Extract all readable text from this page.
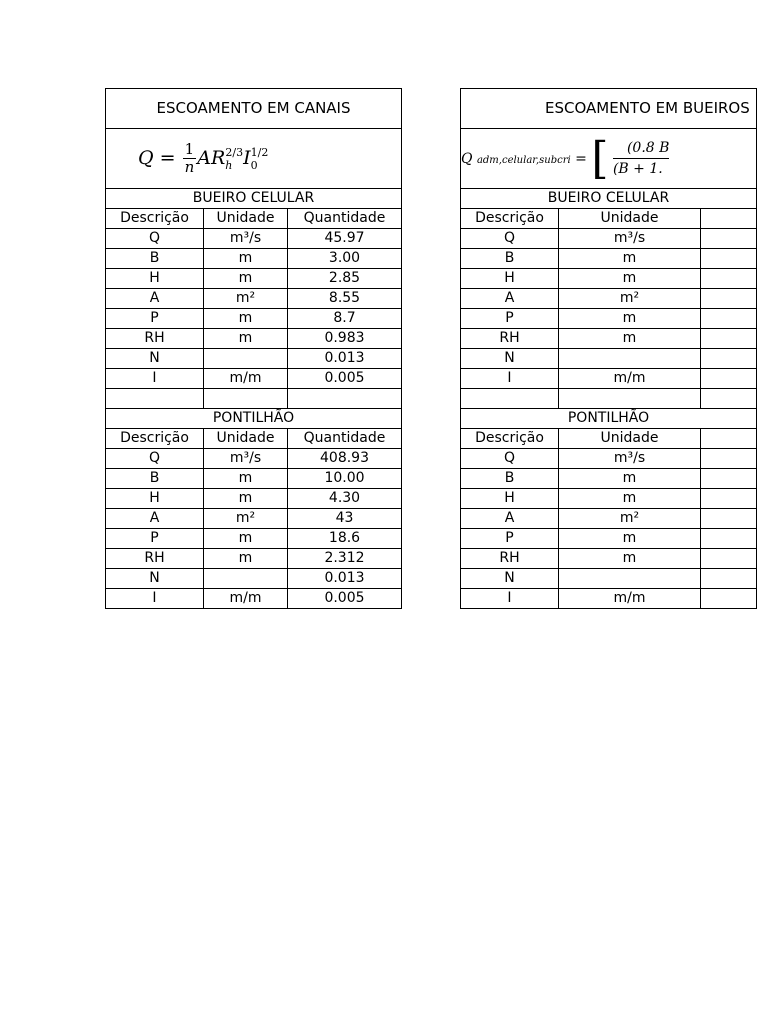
ESCOAMENTO EM CANAIS		
$Q = \frac{1}{n} AR_h^{2/3}I_0^{1/2}$
BUEIRO CELULAR		
Descrição	Unidade	Quantidade
Q	m³/s	45.97
B	m	3.00
H	m	2.85
A	m²	8.55
P	m	8.7
RH	m	0.983
N		0.013
I	m/m	0.005

PONTILHÃO		
Descrição	Unidade	Quantidade
Q	m³/s	408.93
B	m	10.00
H	m	4.30
A	m²	43
P	m	18.6
RH	m	2.312
N		0.013
I	m/m	0.005
ESCOAMENTO EM BUEIROS		
Q adm,celular,subcri = [ $\frac{(0.8 B}{(B + 1.}$

BUEIRO CELULAR		
Descrição	Unidade	
Q	m³/s	
B	m	
H	m	
A	m²	
P	m	
RH	m	
N		
I	m/m	

PONTILHÃO		
Descrição	Unidade	
Q	m³/s	
B	m	
H	m	
A	m²	
P	m	
RH	m	
N		
I	m/m	
